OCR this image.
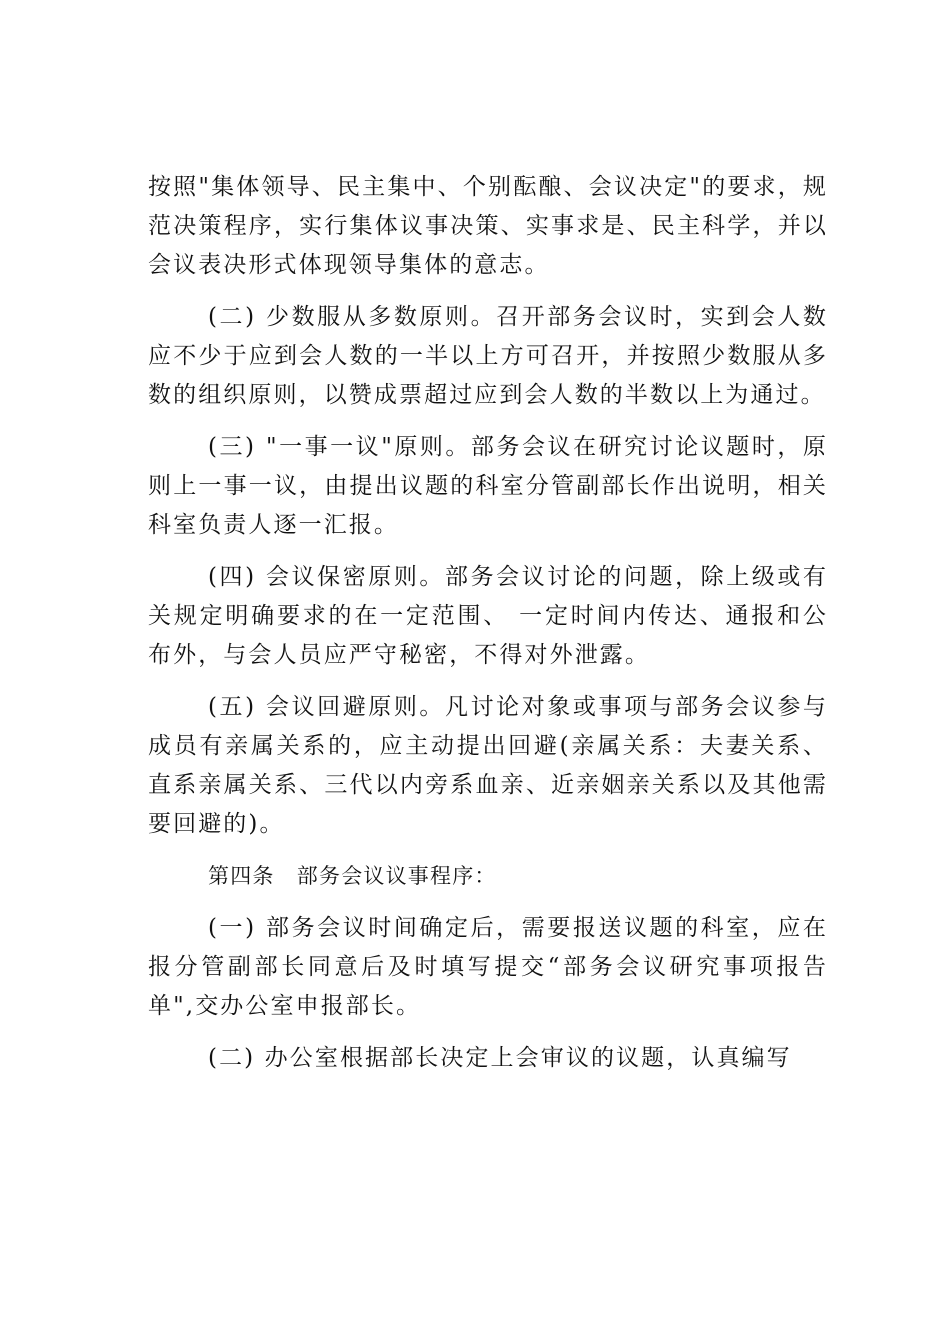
按照"集体领导、民主集中、个别酝酿、会议决定"的要求，规范决策程序，实行集体议事决策、实事求是、民主科学，并以会议表决形式体现领导集体的意志。

(二) 少数服从多数原则。召开部务会议时，实到会人数应不少于应到会人数的一半以上方可召开，并按照少数服从多数的组织原则，以赞成票超过应到会人数的半数以上为通过。

(三) "一事一议"原则。部务会议在研究讨论议题时，原则上一事一议，由提出议题的科室分管副部长作出说明，相关科室负责人逐一汇报。

(四) 会议保密原则。部务会议讨论的问题，除上级或有关规定明确要求的在一定范围、 一定时间内传达、通报和公布外，与会人员应严守秘密，不得对外泄露。

(五) 会议回避原则。凡讨论对象或事项与部务会议参与成员有亲属关系的，应主动提出回避(亲属关系：夫妻关系、直系亲属关系、三代以内旁系血亲、近亲姻亲关系以及其他需要回避的)。

第四条　部务会议议事程序：

(一) 部务会议时间确定后，需要报送议题的科室，应在报分管副部长同意后及时填写提交“部务会议研究事项报告单",交办公室申报部长。

(二) 办公室根据部长决定上会审议的议题，认真编写
